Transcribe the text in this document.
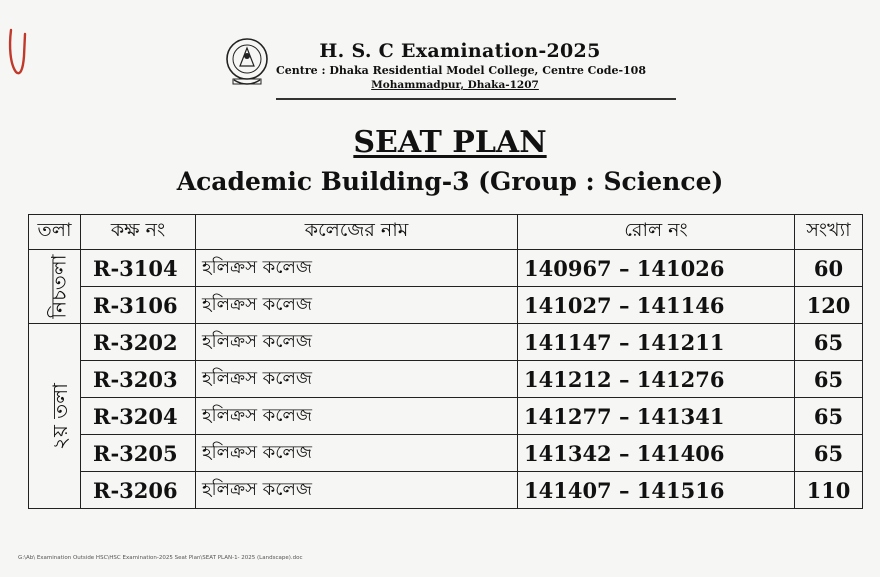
H. S. C Examination-2025
Centre : Dhaka Residential Model College, Centre Code-108
Mohammadpur, Dhaka-1207
SEAT PLAN
Academic Building-3 (Group : Science)
তলা	কক্ষ নং	কলেজের নাম	রোল নং	সংখ্যা
নিচতলা	R-3104	হলিক্রস কলেজ	140967 – 141026	60
	R-3106	হলিক্রস কলেজ	141027 – 141146	120
২য় তলা	R-3202	হলিক্রস কলেজ	141147 – 141211	65
	R-3203	হলিক্রস কলেজ	141212 – 141276	65
	R-3204	হলিক্রস কলেজ	141277 – 141341	65
	R-3205	হলিক্রস কলেজ	141342 – 141406	65
	R-3206	হলিক্রস কলেজ	141407 – 141516	110
G:\Ab\ Examination Outside HSC\HSC Examination-2025 Seat Plan\SEAT PLAN-1- 2025 (Landscape).doc
